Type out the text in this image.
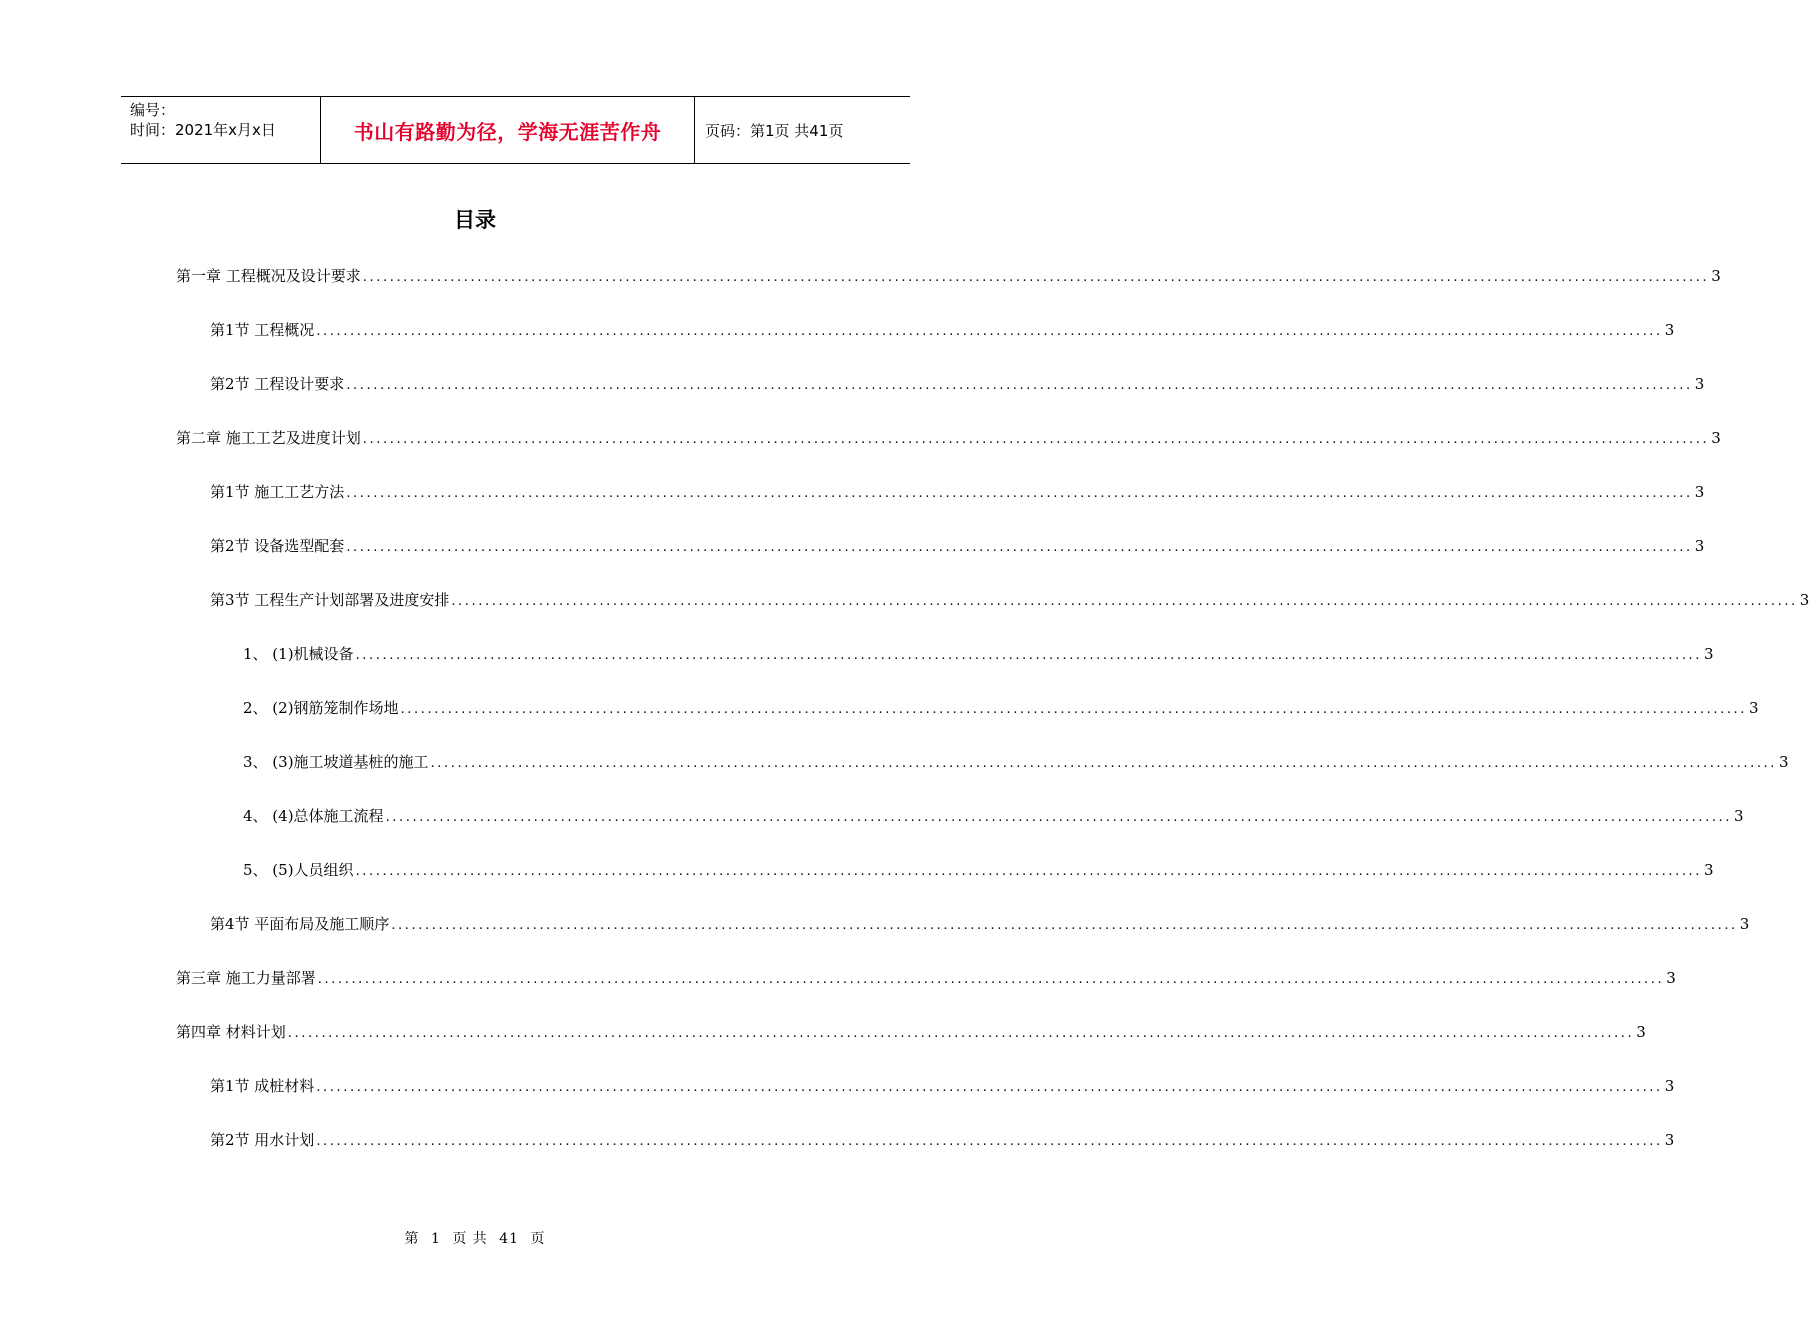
编号：
时间：2021年x月x日	书山有路勤为径，学海无涯苦作舟	页码：第1页 共41页
目录
第一章 工程概况及设计要求 ........................................................................................................................................................................................................ 3
第1节 工程概况 ........................................................................................................................................................................................................ 3
第2节 工程设计要求 ........................................................................................................................................................................................................ 3
第二章 施工工艺及进度计划 ........................................................................................................................................................................................................ 3
第1节 施工工艺方法 ........................................................................................................................................................................................................ 3
第2节 设备选型配套 ........................................................................................................................................................................................................ 3
第3节 工程生产计划部署及进度安排 ........................................................................................................................................................................................................ 3
1、 (1)机械设备 ........................................................................................................................................................................................................ 3
2、 (2)钢筋笼制作场地 ........................................................................................................................................................................................................ 3
3、 (3)施工坡道基桩的施工 ........................................................................................................................................................................................................ 3
4、 (4)总体施工流程 ........................................................................................................................................................................................................ 3
5、 (5)人员组织 ........................................................................................................................................................................................................ 3
第4节 平面布局及施工顺序 ........................................................................................................................................................................................................ 3
第三章 施工力量部署 ........................................................................................................................................................................................................ 3
第四章 材料计划 ........................................................................................................................................................................................................ 3
第1节 成桩材料 ........................................................................................................................................................................................................ 3
第2节 用水计划 ........................................................................................................................................................................................................ 3
第 1 页 共 41 页
